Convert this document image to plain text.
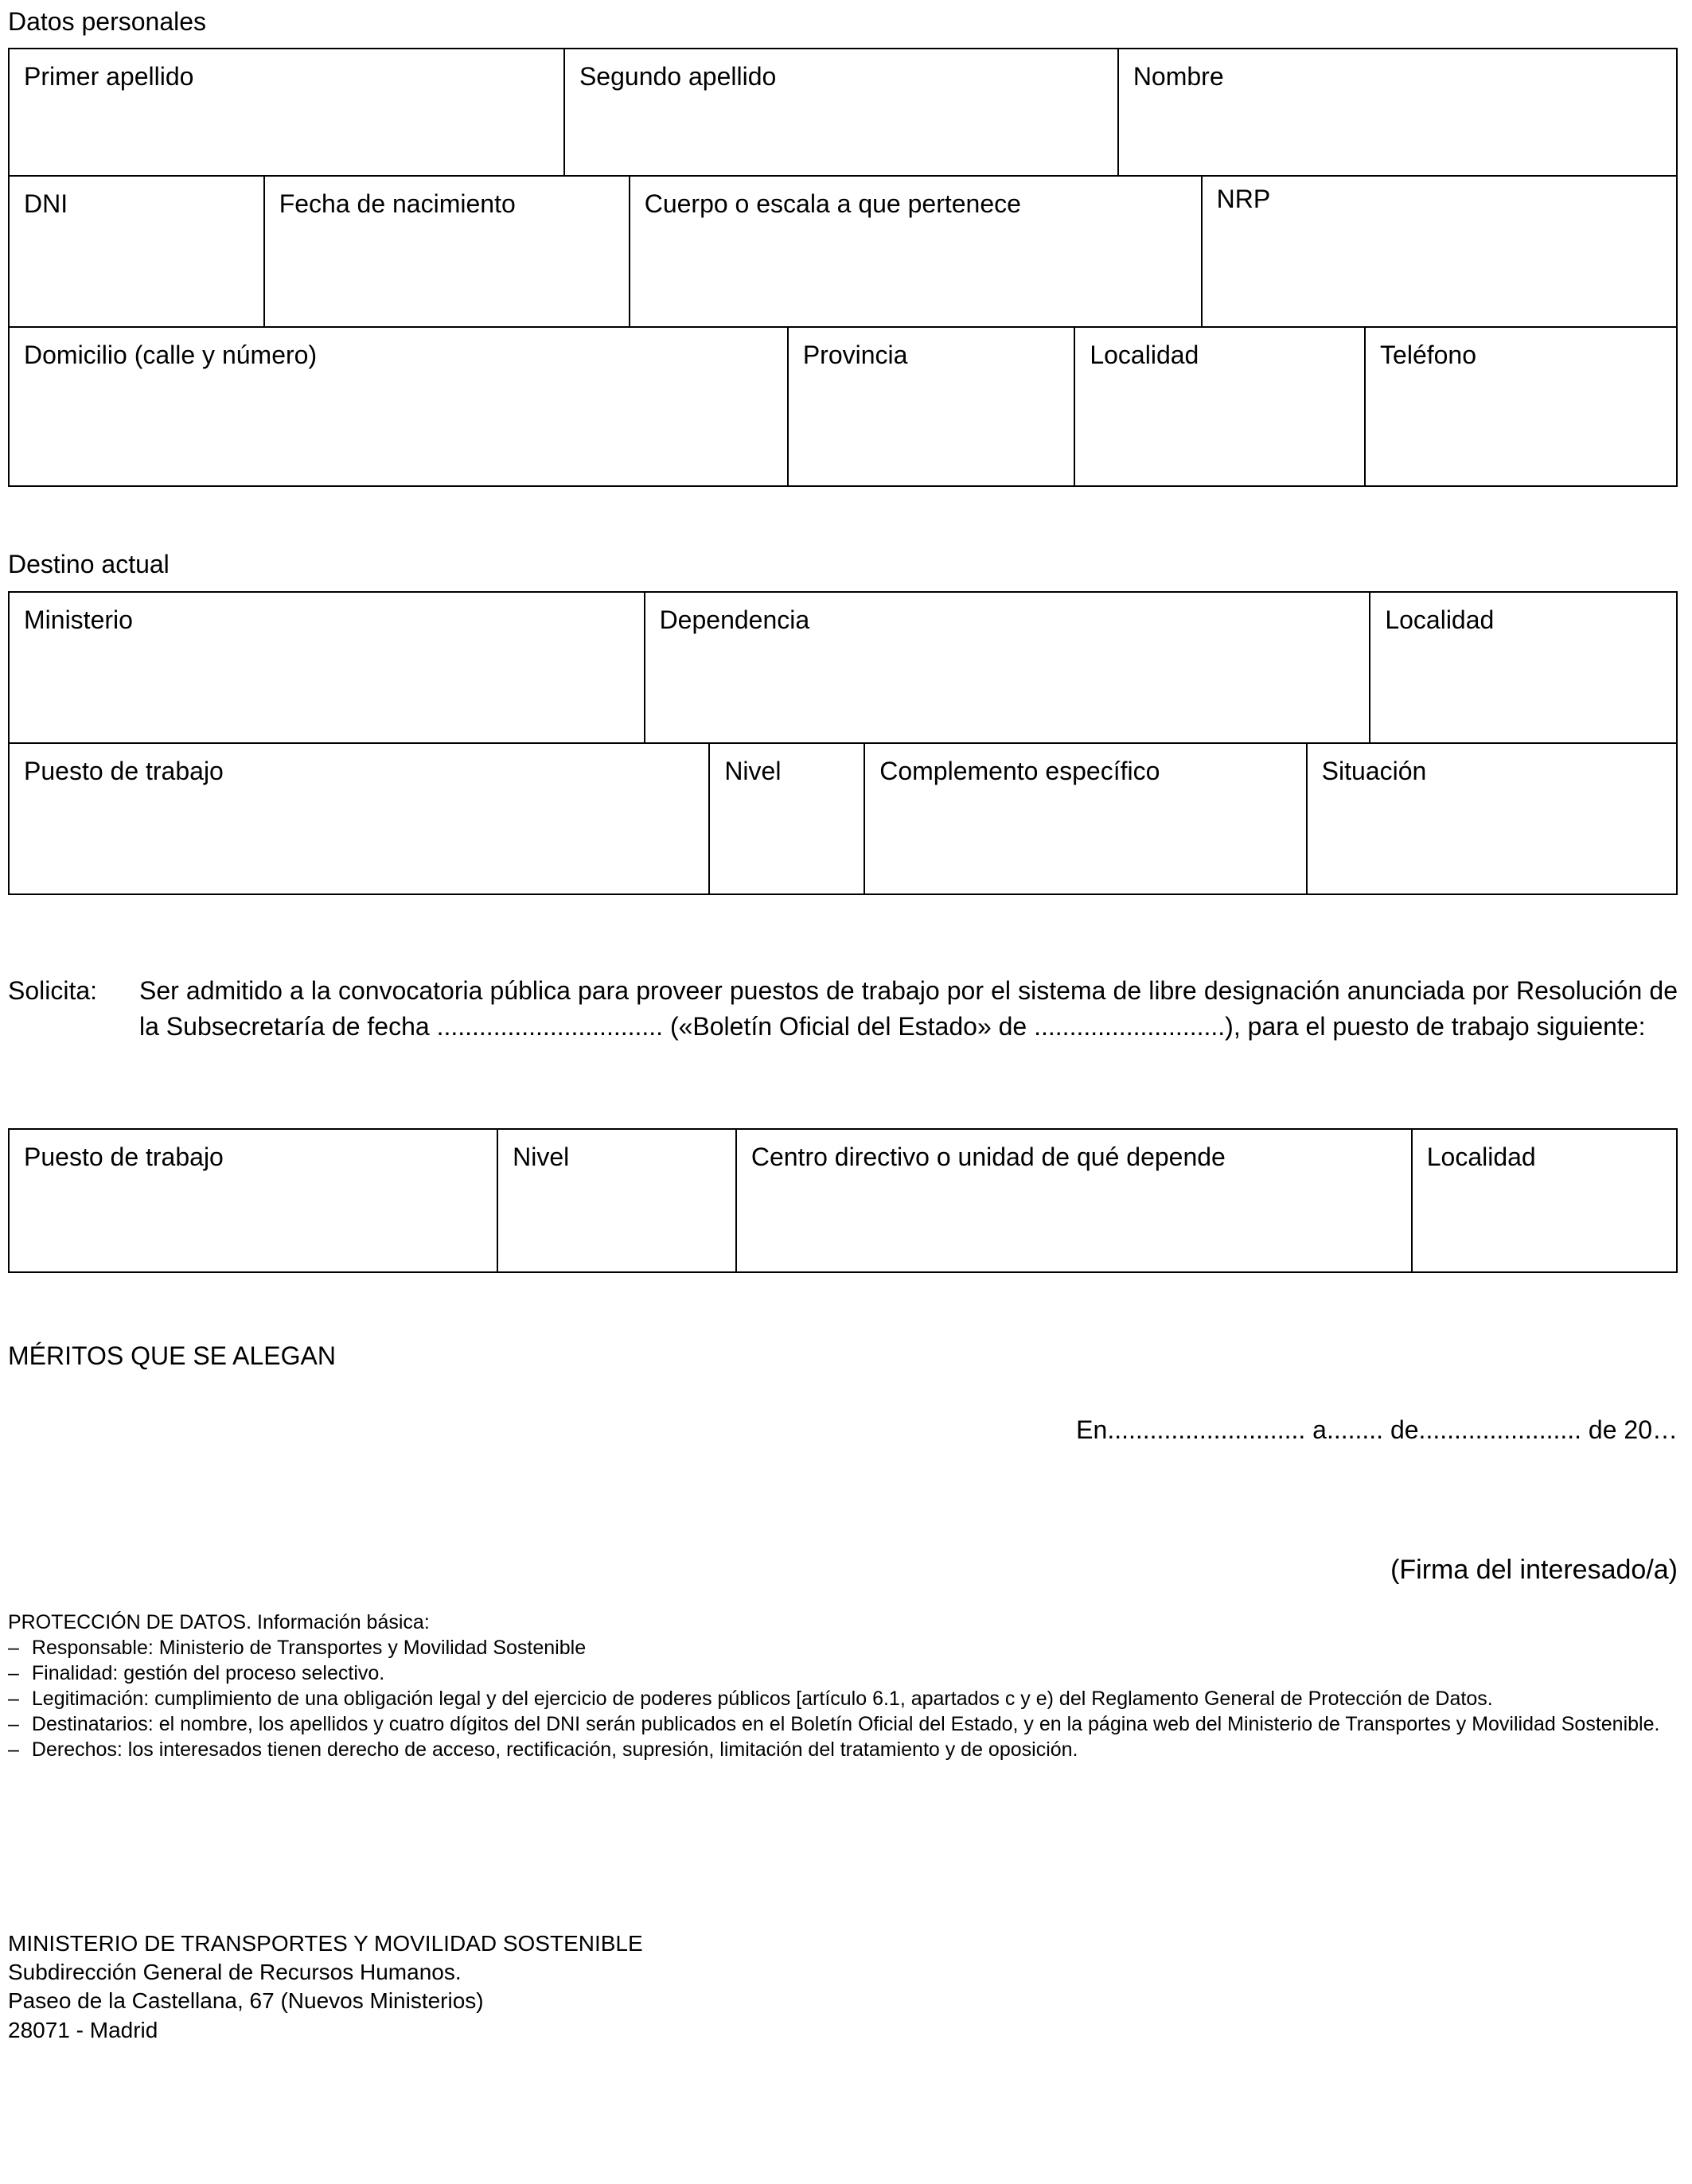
Datos personales
Primer apellido	Segundo apellido	Nombre
DNI	Fecha de nacimiento	Cuerpo o escala a que pertenece	NRP
Domicilio (calle y número)	Provincia	Localidad	Teléfono
Destino actual
Ministerio	Dependencia	Localidad
Puesto de trabajo	Nivel	Complemento específico	Situación
Solicita: Ser admitido a la convocatoria pública para proveer puestos de trabajo por el sistema de libre designación anunciada por Resolución de la Subsecretaría de fecha ................................ («Boletín Oficial del Estado» de ...........................), para el puesto de trabajo siguiente:
Puesto de trabajo	Nivel	Centro directivo o unidad de qué depende	Localidad
MÉRITOS QUE SE ALEGAN
En............................ a........ de....................... de 20…
(Firma del interesado/a)

PROTECCIÓN DE DATOS. Información básica:

– Responsable: Ministerio de Transportes y Movilidad Sostenible

– Finalidad: gestión del proceso selectivo.

– Legitimación: cumplimiento de una obligación legal y del ejercicio de poderes públicos [artículo 6.1, apartados c y e) del Reglamento General de Protección de Datos.

– Destinatarios: el nombre, los apellidos y cuatro dígitos del DNI serán publicados en el Boletín Oficial del Estado, y en la página web del Ministerio de Transportes y Movilidad Sostenible.

– Derechos: los interesados tienen derecho de acceso, rectificación, supresión, limitación del tratamiento y de oposición.

MINISTERIO DE TRANSPORTES Y MOVILIDAD SOSTENIBLE
Subdirección General de Recursos Humanos.
Paseo de la Castellana, 67 (Nuevos Ministerios)
28071 - Madrid
